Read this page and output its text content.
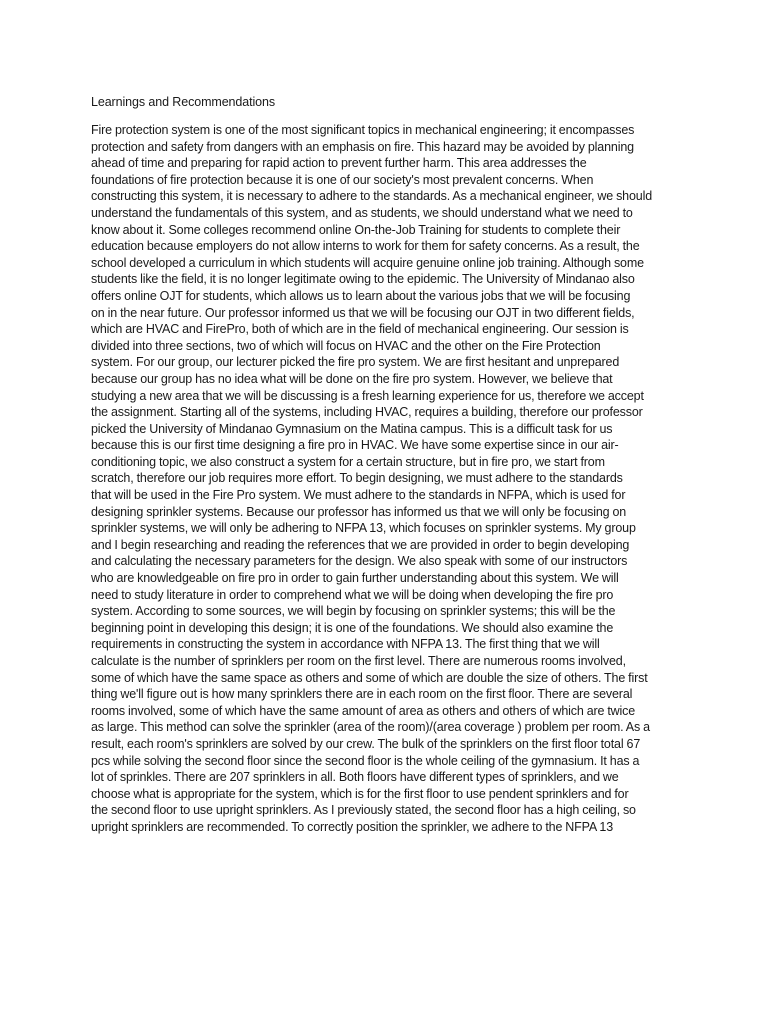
Learnings and Recommendations
Fire protection system is one of the most significant topics in mechanical engineering; it encompasses
protection and safety from dangers with an emphasis on fire. This hazard may be avoided by planning
ahead of time and preparing for rapid action to prevent further harm. This area addresses the
foundations of fire protection because it is one of our society's most prevalent concerns. When
constructing this system, it is necessary to adhere to the standards. As a mechanical engineer, we should
understand the fundamentals of this system, and as students, we should understand what we need to
know about it. Some colleges recommend online On-the-Job Training for students to complete their
education because employers do not allow interns to work for them for safety concerns. As a result, the
school developed a curriculum in which students will acquire genuine online job training. Although some
students like the field, it is no longer legitimate owing to the epidemic. The University of Mindanao also
offers online OJT for students, which allows us to learn about the various jobs that we will be focusing
on in the near future. Our professor informed us that we will be focusing our OJT in two different fields,
which are HVAC and FirePro, both of which are in the field of mechanical engineering. Our session is
divided into three sections, two of which will focus on HVAC and the other on the Fire Protection
system. For our group, our lecturer picked the fire pro system. We are first hesitant and unprepared
because our group has no idea what will be done on the fire pro system. However, we believe that
studying a new area that we will be discussing is a fresh learning experience for us, therefore we accept
the assignment. Starting all of the systems, including HVAC, requires a building, therefore our professor
picked the University of Mindanao Gymnasium on the Matina campus. This is a difficult task for us
because this is our first time designing a fire pro in HVAC. We have some expertise since in our air-
conditioning topic, we also construct a system for a certain structure, but in fire pro, we start from
scratch, therefore our job requires more effort. To begin designing, we must adhere to the standards
that will be used in the Fire Pro system. We must adhere to the standards in NFPA, which is used for
designing sprinkler systems. Because our professor has informed us that we will only be focusing on
sprinkler systems, we will only be adhering to NFPA 13, which focuses on sprinkler systems. My group
and I begin researching and reading the references that we are provided in order to begin developing
and calculating the necessary parameters for the design. We also speak with some of our instructors
who are knowledgeable on fire pro in order to gain further understanding about this system. We will
need to study literature in order to comprehend what we will be doing when developing the fire pro
system. According to some sources, we will begin by focusing on sprinkler systems; this will be the
beginning point in developing this design; it is one of the foundations. We should also examine the
requirements in constructing the system in accordance with NFPA 13. The first thing that we will
calculate is the number of sprinklers per room on the first level. There are numerous rooms involved,
some of which have the same space as others and some of which are double the size of others. The first
thing we'll figure out is how many sprinklers there are in each room on the first floor. There are several
rooms involved, some of which have the same amount of area as others and others of which are twice
as large. This method can solve the sprinkler (area of the room)/(area coverage ) problem per room. As a
result, each room's sprinklers are solved by our crew. The bulk of the sprinklers on the first floor total 67
pcs while solving the second floor since the second floor is the whole ceiling of the gymnasium. It has a
lot of sprinkles. There are 207 sprinklers in all. Both floors have different types of sprinklers, and we
choose what is appropriate for the system, which is for the first floor to use pendent sprinklers and for
the second floor to use upright sprinklers. As I previously stated, the second floor has a high ceiling, so
upright sprinklers are recommended. To correctly position the sprinkler, we adhere to the NFPA 13
